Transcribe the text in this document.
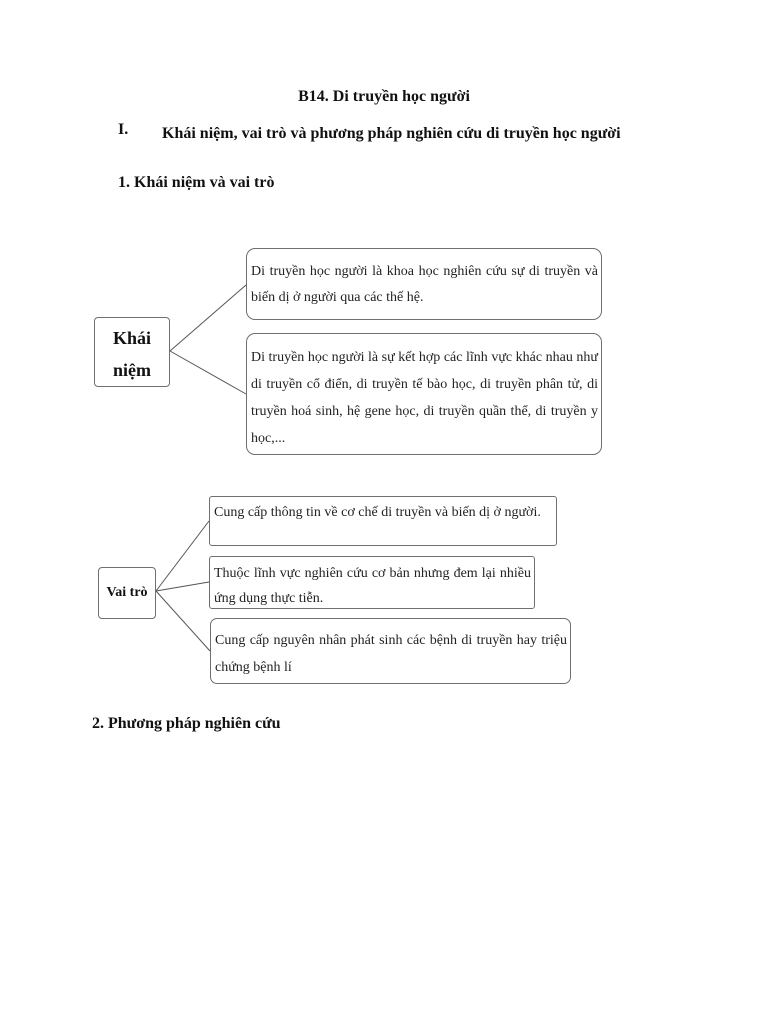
B14. Di truyền học người
I. Khái niệm, vai trò và phương pháp nghiên cứu di truyền học người
1. Khái niệm và vai trò
Khái niệm
Di truyền học người là khoa học nghiên cứu sự di truyền và biến dị ở người qua các thế hệ.
Di truyền học người là sự kết hợp các lĩnh vực khác nhau như di truyền cổ điển, di truyền tế bào học, di truyền phân tử, di truyền hoá sinh, hệ gene học, di truyền quần thể, di truyền y học,...
Vai trò
Cung cấp thông tin về cơ chế di truyền và biến dị ở người.
Thuộc lĩnh vực nghiên cứu cơ bản nhưng đem lại nhiều ứng dụng thực tiễn.
Cung cấp nguyên nhân phát sinh các bệnh di truyền hay triệu chứng bệnh lí
2. Phương pháp nghiên cứu
